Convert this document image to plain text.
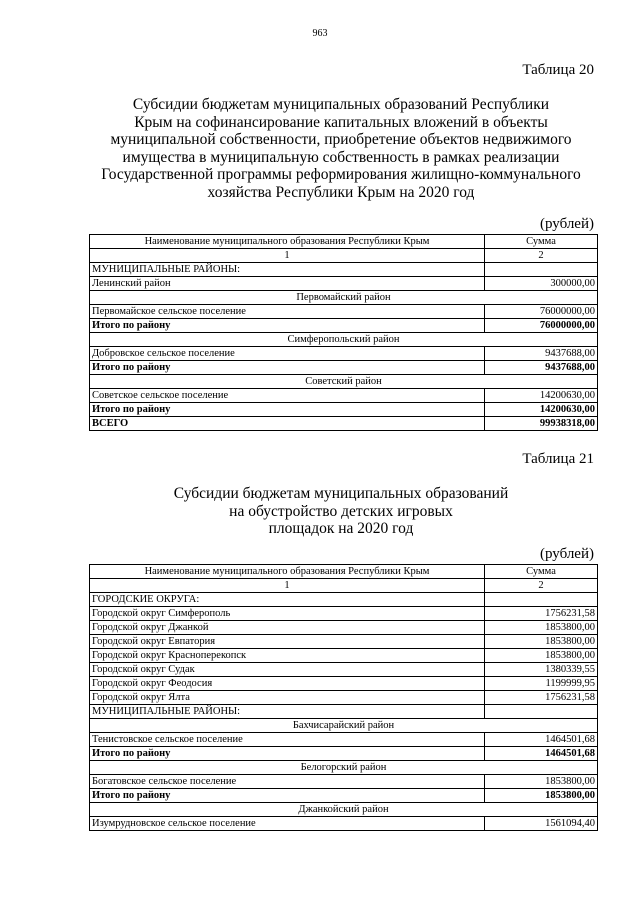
963
Таблица 20
Субсидии бюджетам муниципальных образований Республики
Крым на софинансирование капитальных вложений в объекты
муниципальной собственности, приобретение объектов недвижимого
имущества в муниципальную собственность в рамках реализации
Государственной программы реформирования жилищно-коммунального
хозяйства Республики Крым на 2020 год
(рублей)
Наименование муниципального образования Республики Крым	Сумма
1	2
МУНИЦИПАЛЬНЫЕ РАЙОНЫ:	
Ленинский район	300000,00
Первомайский район	
Первомайское сельское поселение	76000000,00
Итого по району	76000000,00
Симферопольский район	
Добровское сельское поселение	9437688,00
Итого по району	9437688,00
Советский район	
Советское сельское поселение	14200630,00
Итого по району	14200630,00
ВСЕГО	99938318,00
Таблица 21
Субсидии бюджетам муниципальных образований
на обустройство детских игровых
площадок на 2020 год
(рублей)
Наименование муниципального образования Республики Крым	Сумма
1	2
ГОРОДСКИЕ ОКРУГА:	
Городской округ Симферополь	1756231,58
Городской округ Джанкой	1853800,00
Городской округ Евпатория	1853800,00
Городской округ Красноперекопск	1853800,00
Городской округ Судак	1380339,55
Городской округ Феодосия	1199999,95
Городской округ Ялта	1756231,58
МУНИЦИПАЛЬНЫЕ РАЙОНЫ:	
Бахчисарайский район	
Тенистовское сельское поселение	1464501,68
Итого по району	1464501,68
Белогорский район	
Богатовское сельское поселение	1853800,00
Итого по району	1853800,00
Джанкойский район	
Изумрудновское сельское поселение	1561094,40
